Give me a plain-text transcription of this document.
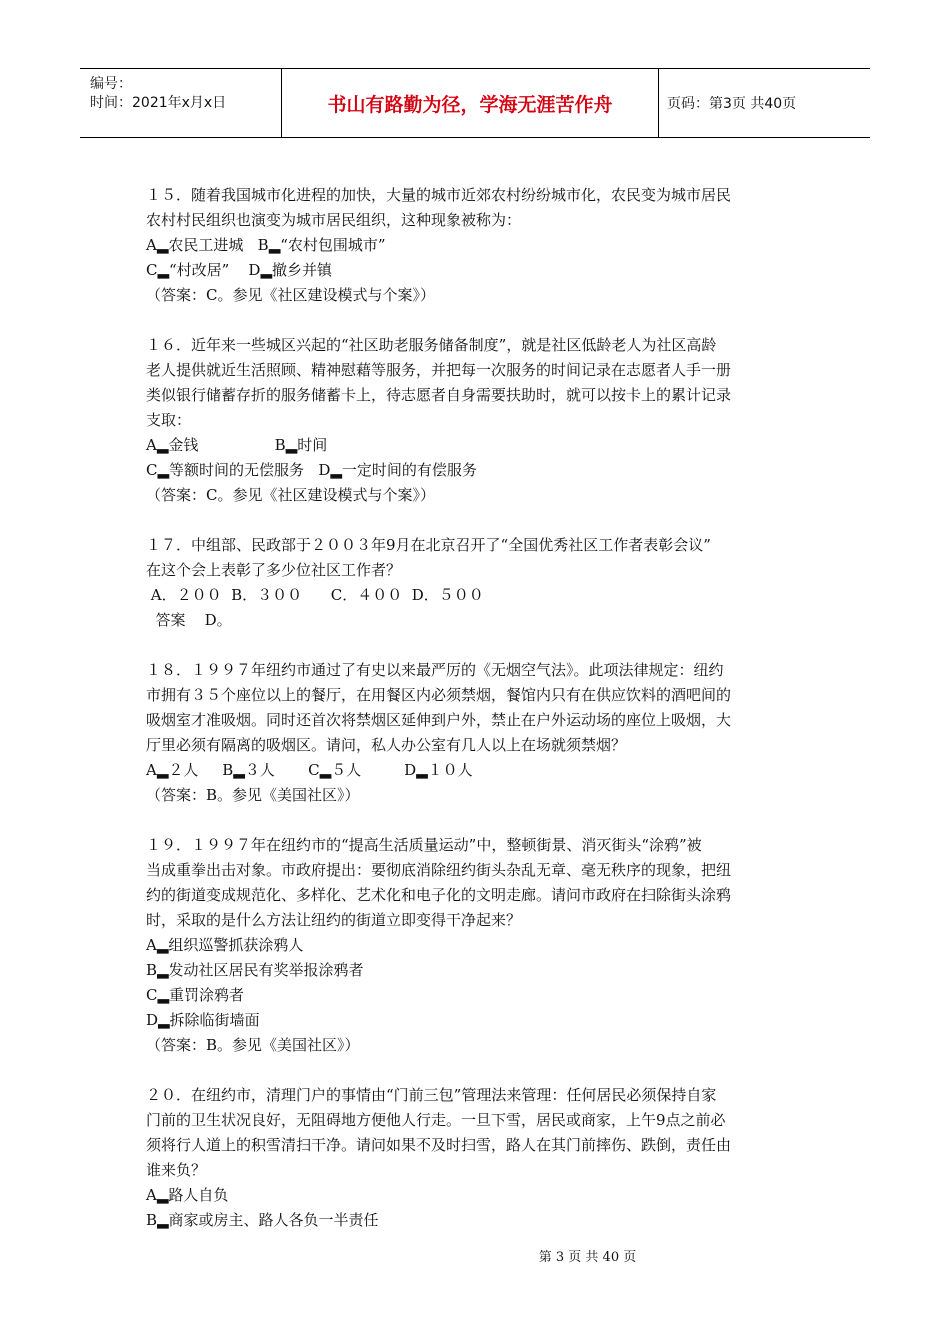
编号：
时间：2021年x月x日	书山有路勤为径，学海无涯苦作舟	页码：第3页 共40页
１５．随着我国城市化进程的加快，大量的城市近郊农村纷纷城市化，农民变为城市居民
农村村民组织也演变为城市居民组织，这种现象被称为：
A▂农民工进城   B▂“农村包围城市”
C▂“村改居”    D▂撤乡并镇
（答案：C。参见《社区建设模式与个案》）
１６．近年来一些城区兴起的“社区助老服务储备制度”，就是社区低龄老人为社区高龄
老人提供就近生活照顾、精神慰藉等服务，并把每一次服务的时间记录在志愿者人手一册
类似银行储蓄存折的服务储蓄卡上，待志愿者自身需要扶助时，就可以按卡上的累计记录
支取：
A▂金钱                B▂时间
C▂等额时间的无偿服务   D▂一定时间的有偿服务
（答案：C。参见《社区建设模式与个案》）
１７．中组部、民政部于２００３年9月在北京召开了“全国优秀社区工作者表彰会议”
在这个会上表彰了多少位社区工作者？
A．２００  B．３００      C．４００  D．５００
答案    D。
１８．１９９７年纽约市通过了有史以来最严厉的《无烟空气法》。此项法律规定：纽约
市拥有３５个座位以上的餐厅，在用餐区内必须禁烟，餐馆内只有在供应饮料的酒吧间的
吸烟室才准吸烟。同时还首次将禁烟区延伸到户外，禁止在户外运动场的座位上吸烟，大
厅里必须有隔离的吸烟区。请问，私人办公室有几人以上在场就须禁烟？
A▂２人     B▂３人       C▂５人         D▂１０人
（答案：B。参见《美国社区》）
１９．１９９７年在纽约市的“提高生活质量运动”中，整顿街景、消灭街头“涂鸦”被
当成重拳出击对象。市政府提出：要彻底消除纽约街头杂乱无章、毫无秩序的现象，把纽
约的街道变成规范化、多样化、艺术化和电子化的文明走廊。请问市政府在扫除街头涂鸦
时，采取的是什么方法让纽约的街道立即变得干净起来？
A▂组织巡警抓获涂鸦人
B▂发动社区居民有奖举报涂鸦者
C▂重罚涂鸦者
D▂拆除临街墙面
（答案：B。参见《美国社区》）
２０．在纽约市，清理门户的事情由“门前三包”管理法来管理：任何居民必须保持自家
门前的卫生状况良好，无阻碍地方便他人行走。一旦下雪，居民或商家，上午9点之前必
须将行人道上的积雪清扫干净。请问如果不及时扫雪，路人在其门前摔伤、跌倒，责任由
谁来负？
A▂路人自负
B▂商家或房主、路人各负一半责任
第 3 页 共 40 页
